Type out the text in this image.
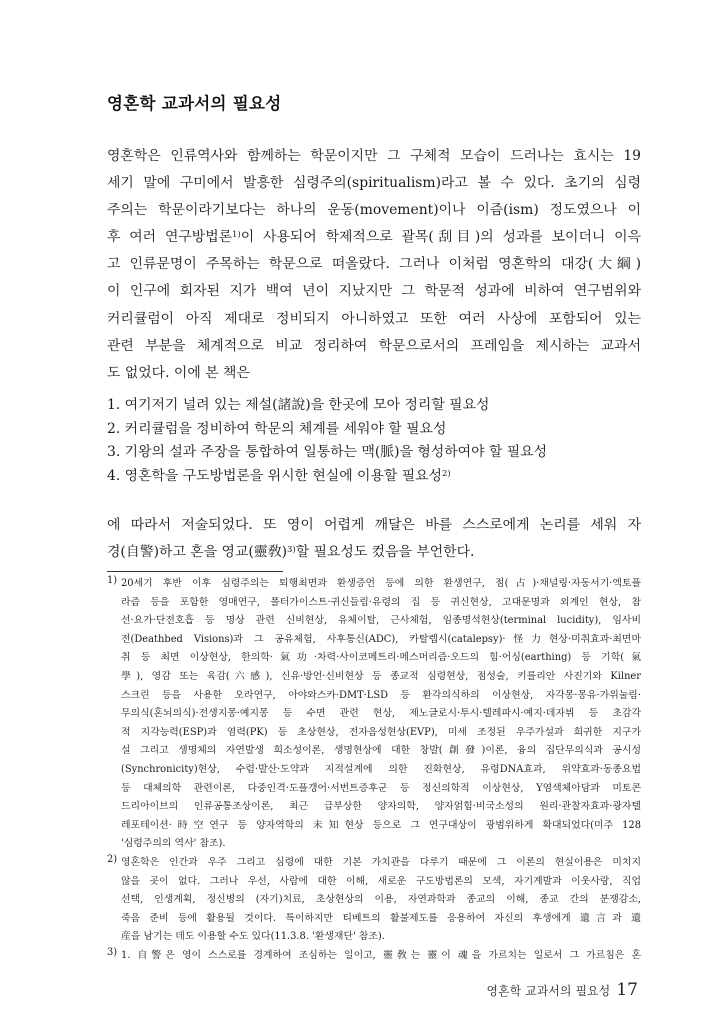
영혼학 교과서의 필요성

영혼학은 인류역사와 함께하는 학문이지만 그 구체적 모습이 드러나는 효시는 19
세기 말에 구미에서 발흥한 심령주의(spiritualism)라고 볼 수 있다. 초기의 심령
주의는 학문이라기보다는 하나의 운동(movement)이나 이즘(ism) 정도였으나 이
후 여러 연구방법론$^{1)}$이 사용되어 학제적으로 괄목(刮目)의 성과를 보이더니 이윽
고 인류문명이 주목하는 학문으로 떠올랐다. 그러나 이처럼 영혼학의 대강(大綱)
이 인구에 회자된 지가 백여 년이 지났지만 그 학문적 성과에 비하여 연구범위와
커리큘럼이 아직 제대로 정비되지 아니하였고 또한 여러 사상에 포함되어 있는
관련 부분을 체계적으로 비교 정리하여 학문으로서의 프레임을 제시하는 교과서
도 없었다. 이에 본 책은

1. 여기저기 널려 있는 제설(諸說)을 한곳에 모아 정리할 필요성
2. 커리큘럼을 정비하여 학문의 체계를 세워야 할 필요성
3. 기왕의 설과 주장을 통합하여 일통하는 맥(脈)을 형성하여야 할 필요성
4. 영혼학을 구도방법론을 위시한 현실에 이용할 필요성$^{2)}$

에 따라서 저술되었다. 또 영이 어렵게 깨달은 바를 스스로에게 논리를 세워 자
경(自警)하고 혼을 영교(靈敎)$^{3)}$할 필요성도 컸음을 부언한다.

1) 20세기 후반 이후 심령주의는 퇴행최면과 환생증언 등에 의한 환생연구, 점(占)·채널링·자동서기·엑토플
라즘 등을 포함한 영매연구, 폴터가이스트·귀신들림·유령의 집 등 귀신현상, 고대문명과 외계인 현상, 참
선·요가·단전호흡 등 명상 관련 신비현상, 유체이탈, 근사체험, 임종명석현상(terminal lucidity), 임사비
전(Deathbed Visions)과 그 공유체험, 사후통신(ADC), 카탈렙시(catalepsy)·怪力현상·미취효과·최면마
취 등 최면 이상현상, 한의학·氣功·차력·사이코메트리·메스머리즘·오드의 힘·어싱(earthing) 등 기학(氣
學), 영감 또는 육감(六感), 신유·방언·신비현상 등 종교적 심령현상, 점성술, 키를리안 사진기와 Kilner
스크린 등을 사용한 오라연구, 아야와스카·DMT·LSD 등 환각의식하의 이상현상, 자각몽·몽유·가위눌림·
무의식(혼뇌의식)·전생지몽·예지몽 등 수면 관련 현상, 제노글로시·투시·텔레파시·예지·데자뷔 등 초감각
적 지각능력(ESP)과 염력(PK) 등 초상현상, 전자음성현상(EVP), 미세 조정된 우주가설과 희귀한 지구가
설 그리고 생명체의 자연발생 희소성이론, 생명현상에 대한 창발(創發)이론, 융의 집단무의식과 공시성
(Synchronicity)현상, 수렴·발산·도약과 지적설계에 의한 진화현상, 유령DNA효과, 위약효과·동종요법
등 대체의학 관련이론, 다중인격·도플갱어·서번트증후군 등 정신의학적 이상현상, Y염색체아담과 미토콘
드리아이브의 인류공통조상이론, 최근 급부상한 양자의학, 양자얽힘·비국소성의 원리·관찰자효과·광자텔
레포테이션·時空연구 등 양자역학의 未知현상 등으로 그 연구대상이 광범위하게 확대되었다(미주 128
'심령주의의 역사' 참조).
2) 영혼학은 인간과 우주 그리고 심령에 대한 기본 가치관을 다루기 때문에 그 이론의 현실이용은 미치지
않을 곳이 없다. 그러나 우선, 사람에 대한 이해, 새로운 구도방법론의 모색, 자기계발과 이웃사랑, 직업
선택, 인생계획, 정신병의 (자기)치료, 초상현상의 이용, 자연과학과 종교의 이해, 종교 간의 분쟁감소,
죽음 준비 등에 활용될 것이다. 특이하지만 티베트의 활불제도를 응용하여 자신의 후생에게 遺言과 遺
産을 남기는 데도 이용할 수도 있다(11.3.8. '환생재단' 참조).
3) 1. 自警은 영이 스스로를 경계하여 조심하는 일이고, 靈敎는 靈이 魂을 가르치는 일로서 그 가르침은 혼
영혼학 교과서의 필요성 17
